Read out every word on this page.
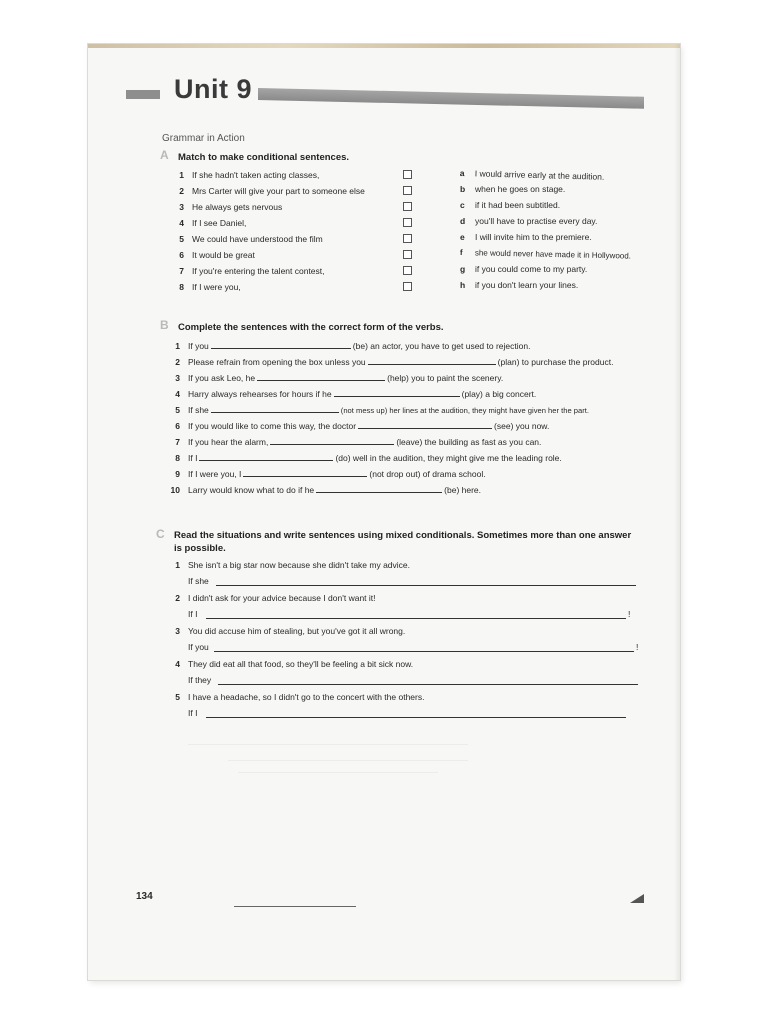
Unit 9
Grammar in Action
A Match to make conditional sentences.
1 If she hadn't taken acting classes,
2 Mrs Carter will give your part to someone else
3 He always gets nervous
4 If I see Daniel,
5 We could have understood the film
6 It would be great
7 If you're entering the talent contest,
8 If I were you,
a I would arrive early at the audition.
b when he goes on stage.
c if it had been subtitled.
d you'll have to practise every day.
e I will invite him to the premiere.
f she would never have made it in Hollywood.
g if you could come to my party.
h if you don't learn your lines.
B Complete the sentences with the correct form of the verbs.
1 If you	(be) an actor, you have to get used to rejection.
2 Please refrain from opening the box unless you	(plan) to purchase the product.
3 If you ask Leo, he	(help) you to paint the scenery.
4 Harry always rehearses for hours if he	(play) a big concert.
5 If she	(not mess up) her lines at the audition, they might have given her the part.
6 If you would like to come this way, the doctor	(see) you now.
7 If you hear the alarm,	(leave) the building as fast as you can.
8 If I	(do) well in the audition, they might give me the leading role.
9 If I were you, I	(not drop out) of drama school.
10 Larry would know what to do if he	(be) here.
C Read the situations and write sentences using mixed conditionals. Sometimes more than one answer
is possible.
1 She isn't a big star now because she didn't take my advice.
If she
2 I didn't ask for your advice because I don't want it!
If I	!
3 You did accuse him of stealing, but you've got it all wrong.
If you	!
4 They did eat all that food, so they'll be feeling a bit sick now.
If they
5 I have a headache, so I didn't go to the concert with the others.
If I
134
